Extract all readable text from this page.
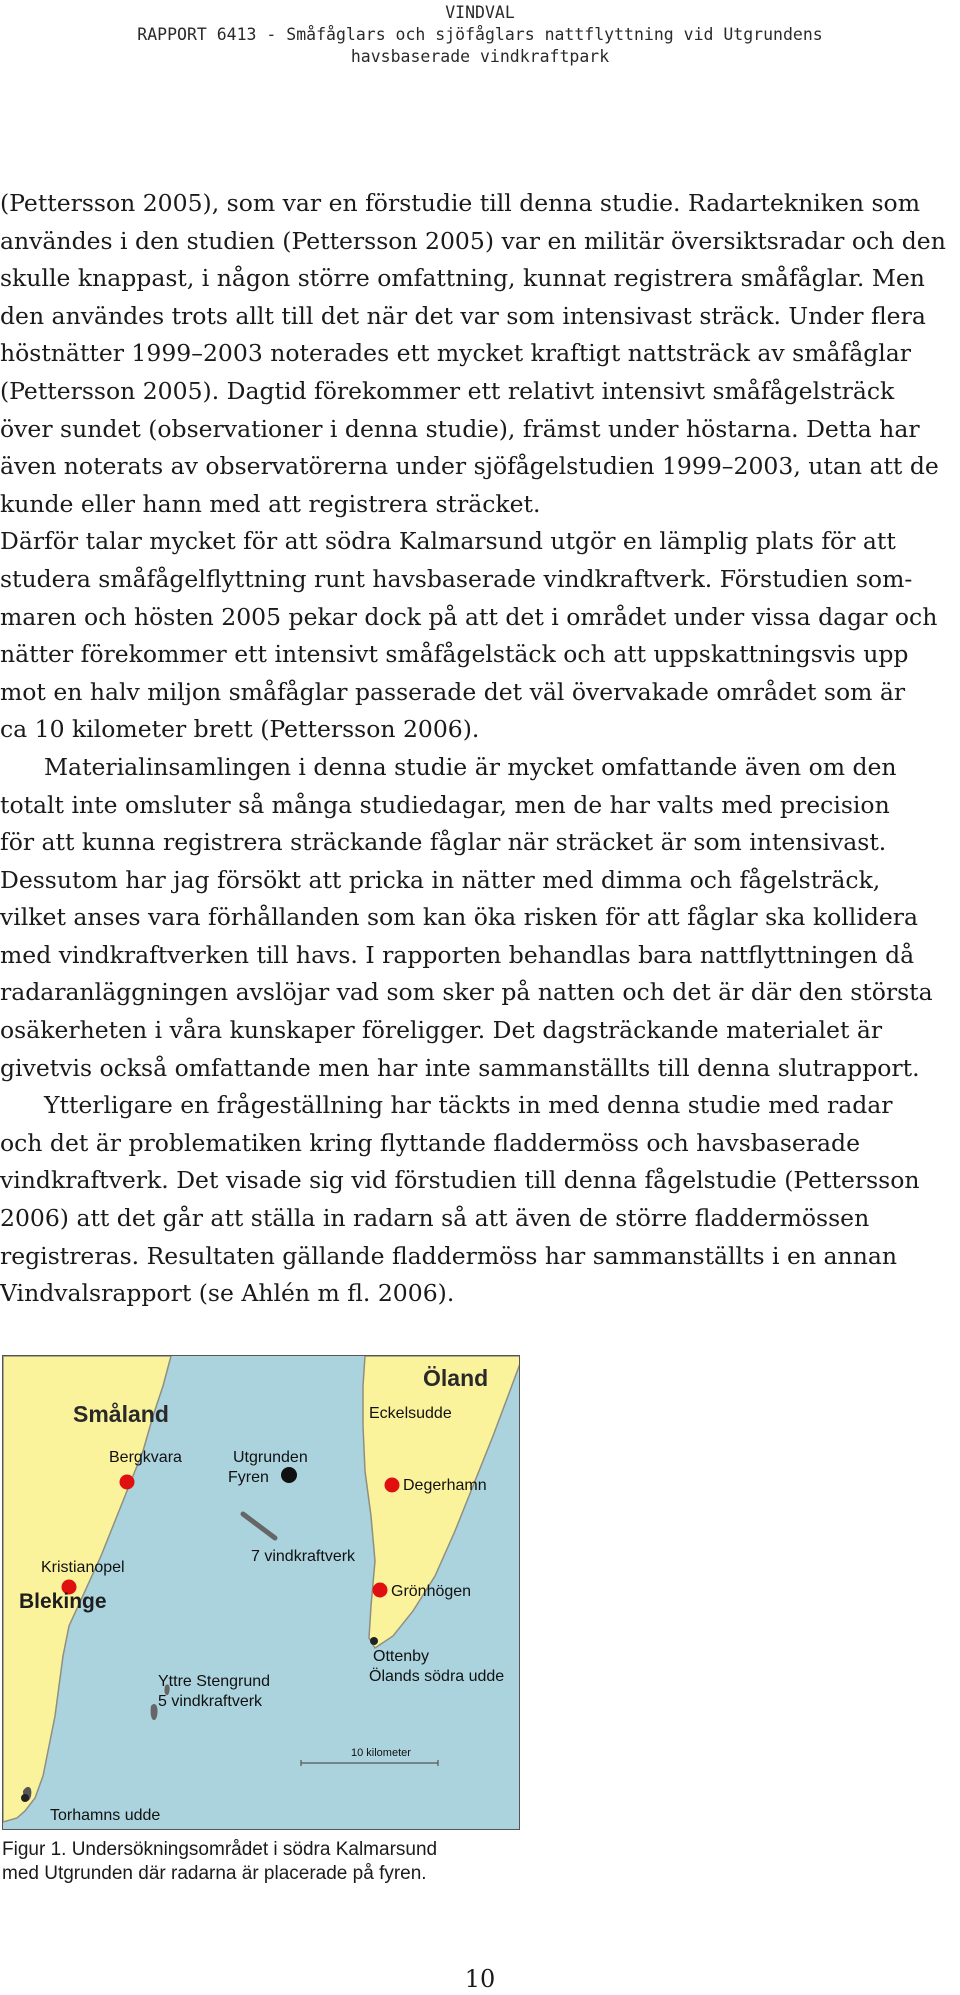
VINDVAL
RAPPORT 6413 - Småfåglars och sjöfåglars nattflyttning vid Utgrundens
havsbaserade vindkraftpark

(Pettersson 2005), som var en förstudie till denna studie. Radartekniken som

användes i den studien (Pettersson 2005) var en militär översiktsradar och den

skulle knappast, i någon större omfattning, kunnat registrera småfåglar. Men

den användes trots allt till det när det var som intensivast sträck. Under flera

höstnätter 1999–2003 noterades ett mycket kraftigt nattsträck av småfåglar

(Pettersson 2005). Dagtid förekommer ett relativt intensivt småfågelsträck

över sundet (observationer i denna studie), främst under höstarna. Detta har

även noterats av observatörerna under sjöfågelstudien 1999–2003, utan att de

kunde eller hann med att registrera sträcket.

Därför talar mycket för att södra Kalmarsund utgör en lämplig plats för att

studera småfågelflyttning runt havsbaserade vindkraftverk. Förstudien som-

maren och hösten 2005 pekar dock på att det i området under vissa dagar och

nätter förekommer ett intensivt småfågelstäck och att uppskattningsvis upp

mot en halv miljon småfåglar passerade det väl övervakade området som är

ca 10 kilometer brett (Pettersson 2006).

Materialinsamlingen i denna studie är mycket omfattande även om den

totalt inte omsluter så många studiedagar, men de har valts med precision

för att kunna registrera sträckande fåglar när sträcket är som intensivast.

Dessutom har jag försökt att pricka in nätter med dimma och fågelsträck,

vilket anses vara förhållanden som kan öka risken för att fåglar ska kollidera

med vindkraftverken till havs. I rapporten behandlas bara nattflyttningen då

radaranläggningen avslöjar vad som sker på natten och det är där den största

osäkerheten i våra kunskaper föreligger. Det dagsträckande materialet är

givetvis också omfattande men har inte sammanställts till denna slutrapport.

Ytterligare en frågeställning har täckts in med denna studie med radar

och det är problematiken kring flyttande fladdermöss och havsbaserade

vindkraftverk. Det visade sig vid förstudien till denna fågelstudie (Pettersson

2006) att det går att ställa in radarn så att även de större fladdermössen

registreras. Resultaten gällande fladdermöss har sammanställts i en annan

Vindvalsrapport (se Ahlén m fl. 2006).

Småland
Öland
Eckelsudde
Bergkvara	Utgrunden
Fyren	Degerhamn
7 vindkraftverk
Kristianopel
Blekinge	Grönhögen
Ottenby
Ölands södra udde
Yttre Stengrund
5 vindkraftverk
10 kilometer
Torhamns udde
Figur 1. Undersökningsområdet i södra Kalmarsund
med Utgrunden där radarna är placerade på fyren.
10
